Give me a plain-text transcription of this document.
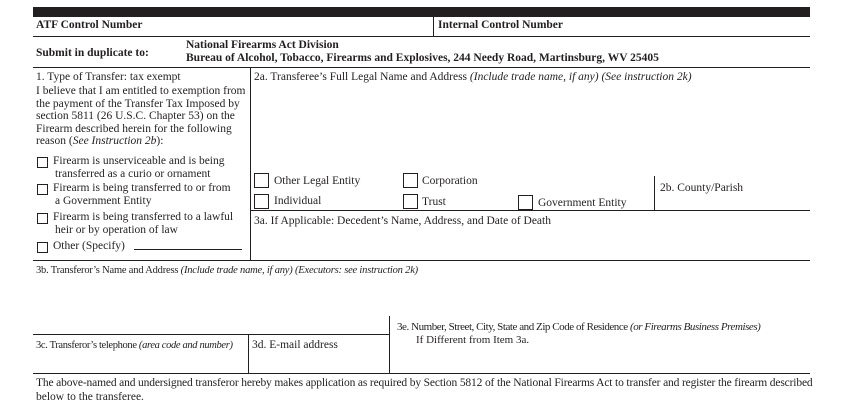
ATF Control Number	Internal Control Number
Submit in duplicate to:
National Firearms Act Division
Bureau of Alcohol, Tobacco, Firearms and Explosives, 244 Needy Road, Martinsburg, WV 25405
1. Type of Transfer: tax exempt
I believe that I am entitled to exemption from
the payment of the Transfer Tax Imposed by
section 5811 (26 U.S.C. Chapter 53) on the
Firearm described herein for the following
reason (See Instruction 2b):
Firearm is unserviceable and is being
transferred as a curio or ornament
Firearm is being transferred to or from
a Government Entity
Firearm is being transferred to a lawful
heir or by operation of law
Other (Specify)
2a. Transferee’s Full Legal Name and Address (Include trade name, if any) (See instruction 2k)
Other Legal Entity	Corporation
Individual	Trust	Government Entity
2b. County/Parish
3a. If Applicable: Decedent’s Name, Address, and Date of Death
3b. Transferor’s Name and Address (Include trade name, if any) (Executors: see instruction 2k)
3e. Number, Street, City, State and Zip Code of Residence (or Firearms Business Premises)
If Different from Item 3a.
3c. Transferor’s telephone (area code and number) 3d. E-mail address
The above-named and undersigned transferor hereby makes application as required by Section 5812 of the National Firearms Act to transfer and register the firearm described
below to the transferee.
